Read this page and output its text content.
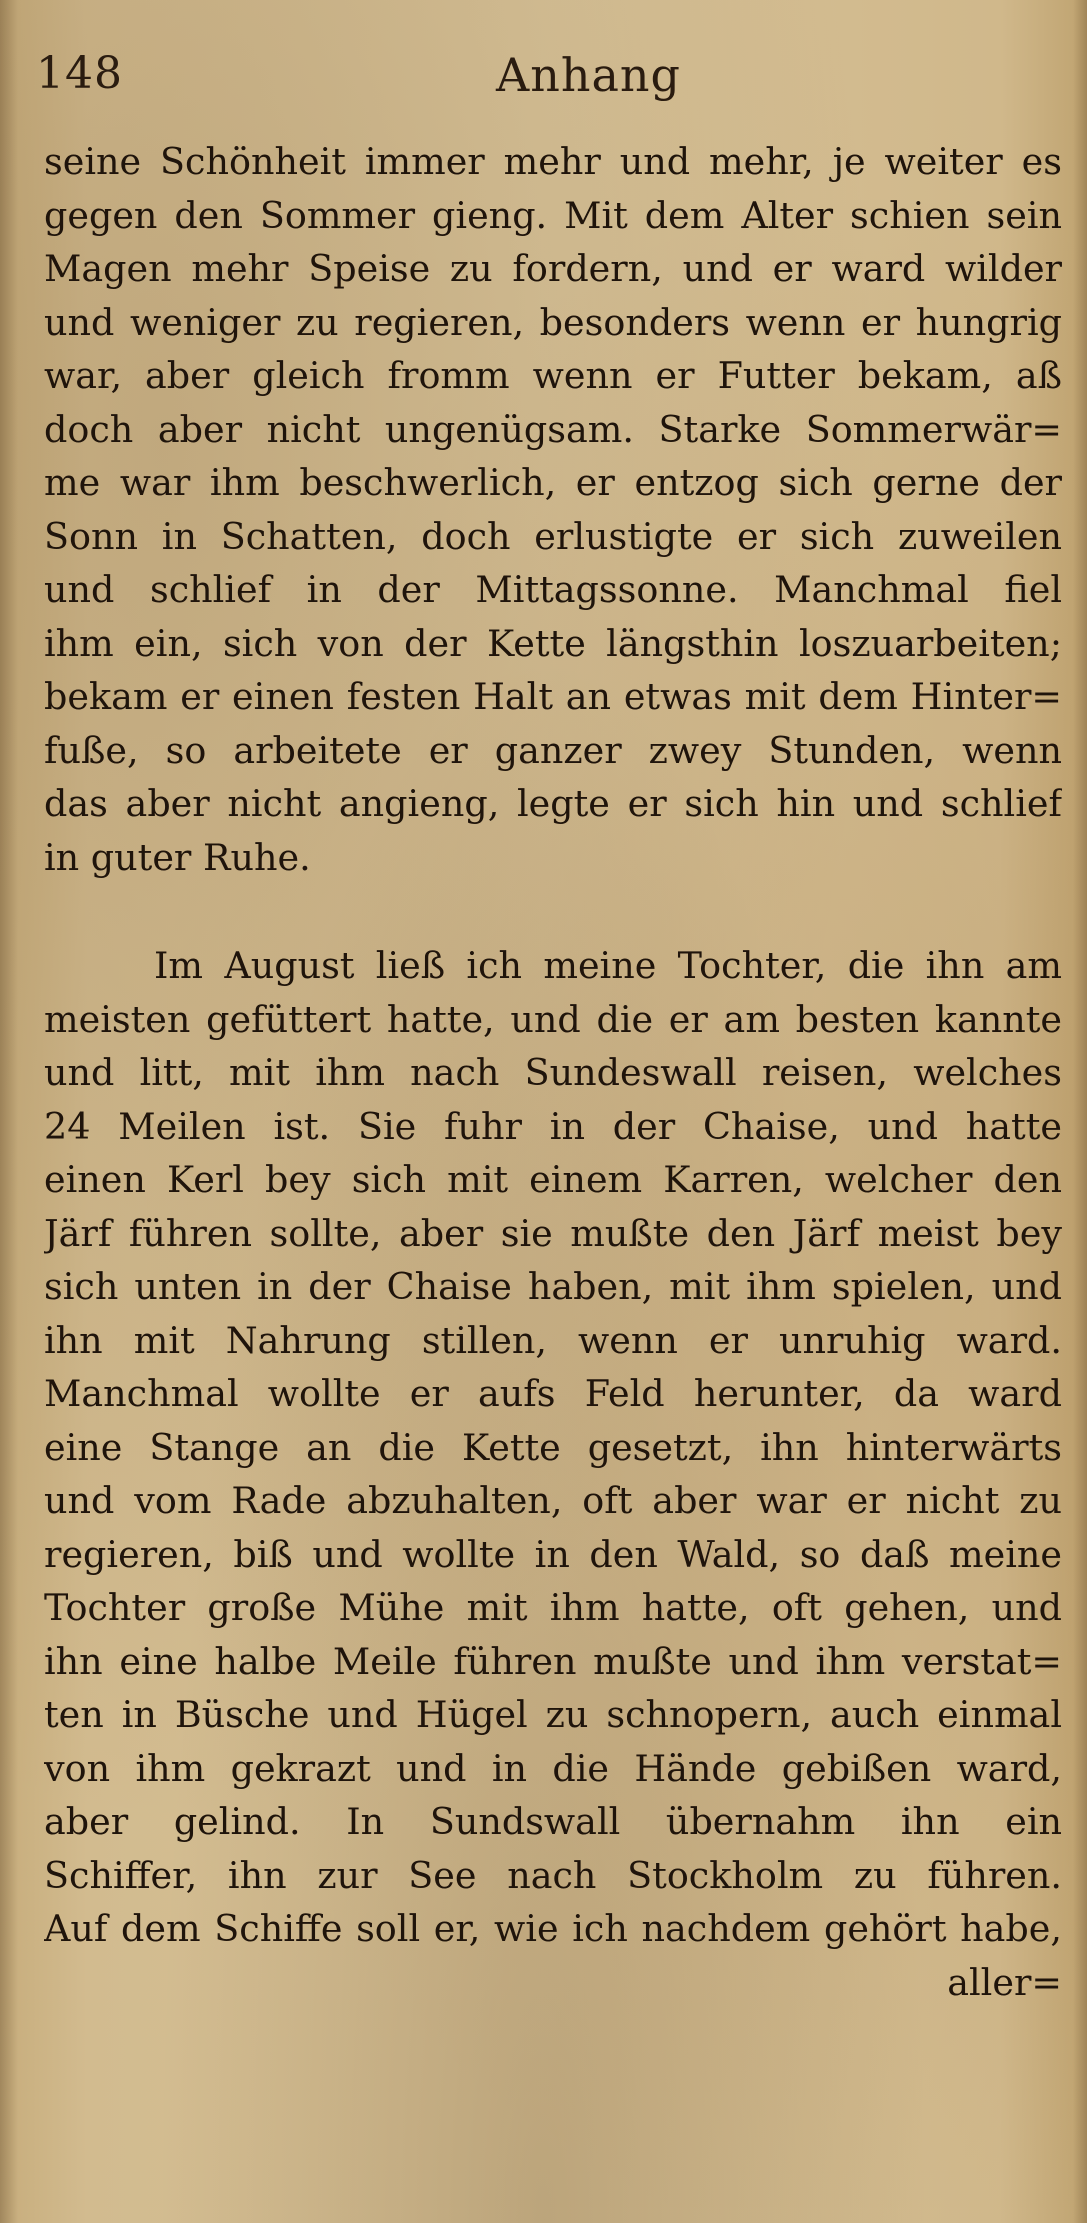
148	Anhang
seine Schönheit immer mehr und mehr, je weiter es
gegen den Sommer gieng. Mit dem Alter schien sein
Magen mehr Speise zu fordern, und er ward wilder
und weniger zu regieren, besonders wenn er hungrig
war, aber gleich fromm wenn er Futter bekam, aß
doch aber nicht ungenügsam. Starke Sommerwär=
me war ihm beschwerlich, er entzog sich gerne der
Sonn in Schatten, doch erlustigte er sich zuweilen
und schlief in der Mittagssonne. Manchmal fiel
ihm ein, sich von der Kette längsthin loszuarbeiten;
bekam er einen festen Halt an etwas mit dem Hinter=
fuße, so arbeitete er ganzer zwey Stunden, wenn
das aber nicht angieng, legte er sich hin und schlief
in guter Ruhe.
Im August ließ ich meine Tochter, die ihn am
meisten gefüttert hatte, und die er am besten kannte
und litt, mit ihm nach Sundeswall reisen, welches
24 Meilen ist. Sie fuhr in der Chaise, und hatte
einen Kerl bey sich mit einem Karren, welcher den
Järf führen sollte, aber sie mußte den Järf meist bey
sich unten in der Chaise haben, mit ihm spielen, und
ihn mit Nahrung stillen, wenn er unruhig ward.
Manchmal wollte er aufs Feld herunter, da ward
eine Stange an die Kette gesetzt, ihn hinterwärts
und vom Rade abzuhalten, oft aber war er nicht zu
regieren, biß und wollte in den Wald, so daß meine
Tochter große Mühe mit ihm hatte, oft gehen, und
ihn eine halbe Meile führen mußte und ihm verstat=
ten in Büsche und Hügel zu schnopern, auch einmal
von ihm gekrazt und in die Hände gebißen ward,
aber gelind. In Sundswall übernahm ihn ein
Schiffer, ihn zur See nach Stockholm zu führen.
Auf dem Schiffe soll er, wie ich nachdem gehört habe,
aller=
